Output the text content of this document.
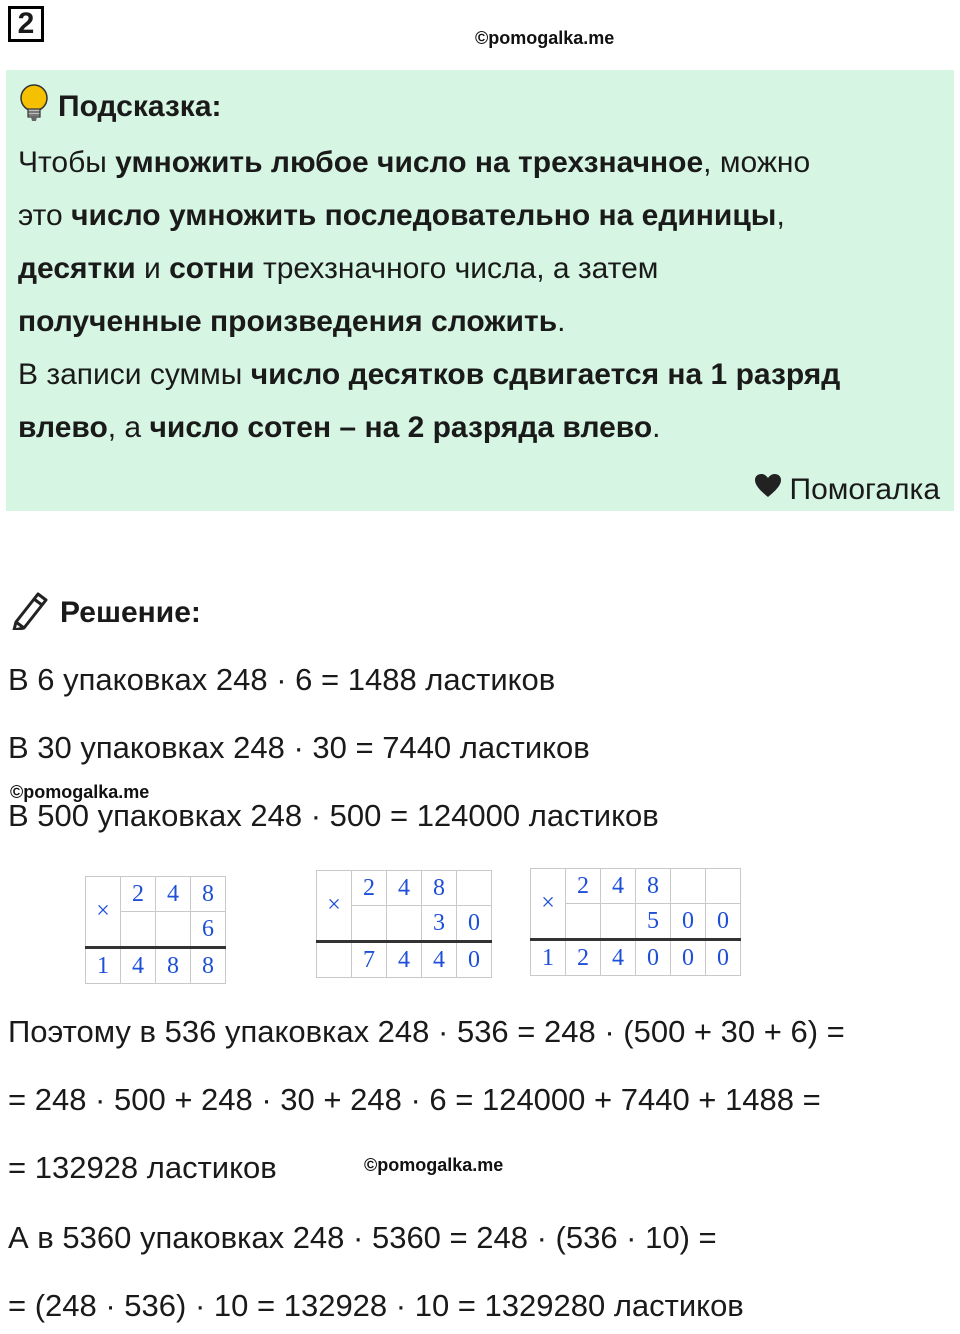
2	©pomogalka.me
Подсказка:
Чтобы умножить любое число на трехзначное, можно
это число умножить последовательно на единицы,
десятки и сотни трехзначного числа, а затем
полученные произведения сложить.
В записи суммы число десятков сдвигается на 1 разряд
влево, а число сотен – на 2 разряда влево.
Помогалка
Решение:
В 6 упаковках 248 · 6 = 1488 ластиков
В 30 упаковках 248 · 30 = 7440 ластиков
©pomogalka.me
В 500 упаковках 248 · 500 = 124000 ластиков
×	2	4	8
			6
1	4	8	8
×	2	4	8	
			3	0
	7	4	4	0
×	2	4	8		
			5	0	0
1	2	4	0	0	0
Поэтому в 536 упаковках 248 · 536 = 248 · (500 + 30 + 6) =
= 248 · 500 + 248 · 30 + 248 · 6 = 124000 + 7440 + 1488 =
= 132928 ластиков	©pomogalka.me
А в 5360 упаковках 248 · 5360 = 248 · (536 · 10) =
= (248 · 536) · 10 = 132928 · 10 = 1329280 ластиков
